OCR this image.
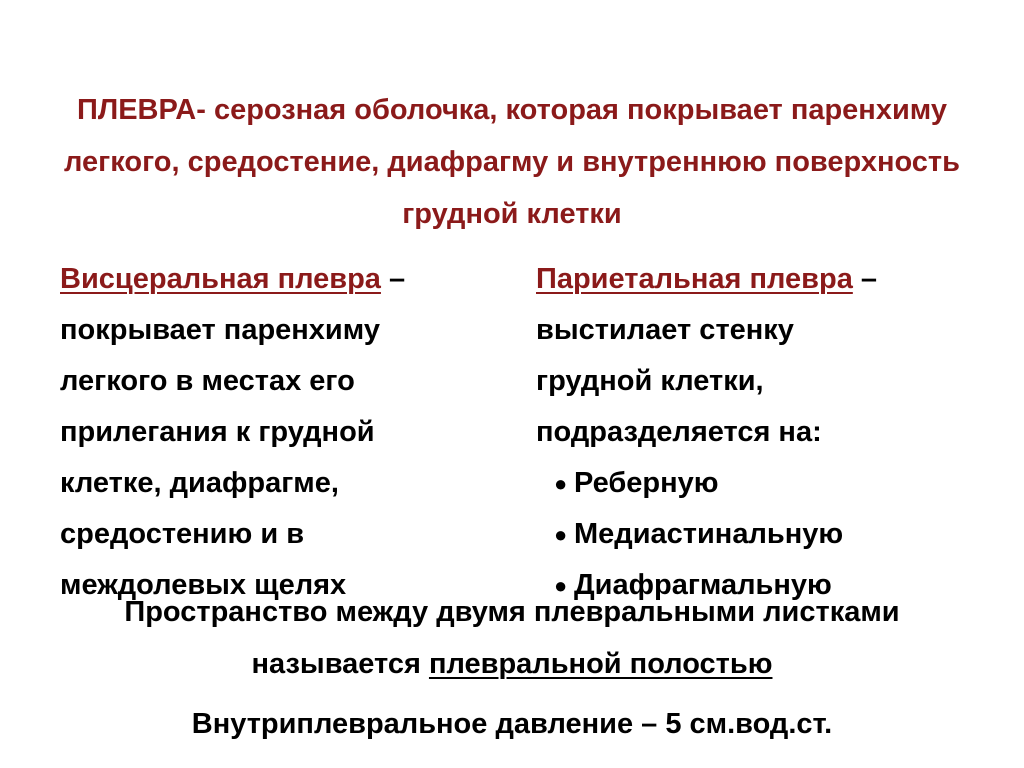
ПЛЕВРА- серозная оболочка, которая покрывает паренхиму легкого, средостение, диафрагму и внутреннюю поверхность грудной клетки
Висцеральная плевра –
покрывает паренхиму
легкого в местах его
прилегания к грудной
клетке, диафрагме,
средостению и в
междолевых щелях
Париетальная плевра –
выстилает стенку
грудной клетки,
подразделяется на:
● Реберную
● Медиастинальную
● Диафрагмальную
Пространство между двумя плевральными листками называется плевральной полостью
Внутриплевральное давление – 5 см.вод.ст.
